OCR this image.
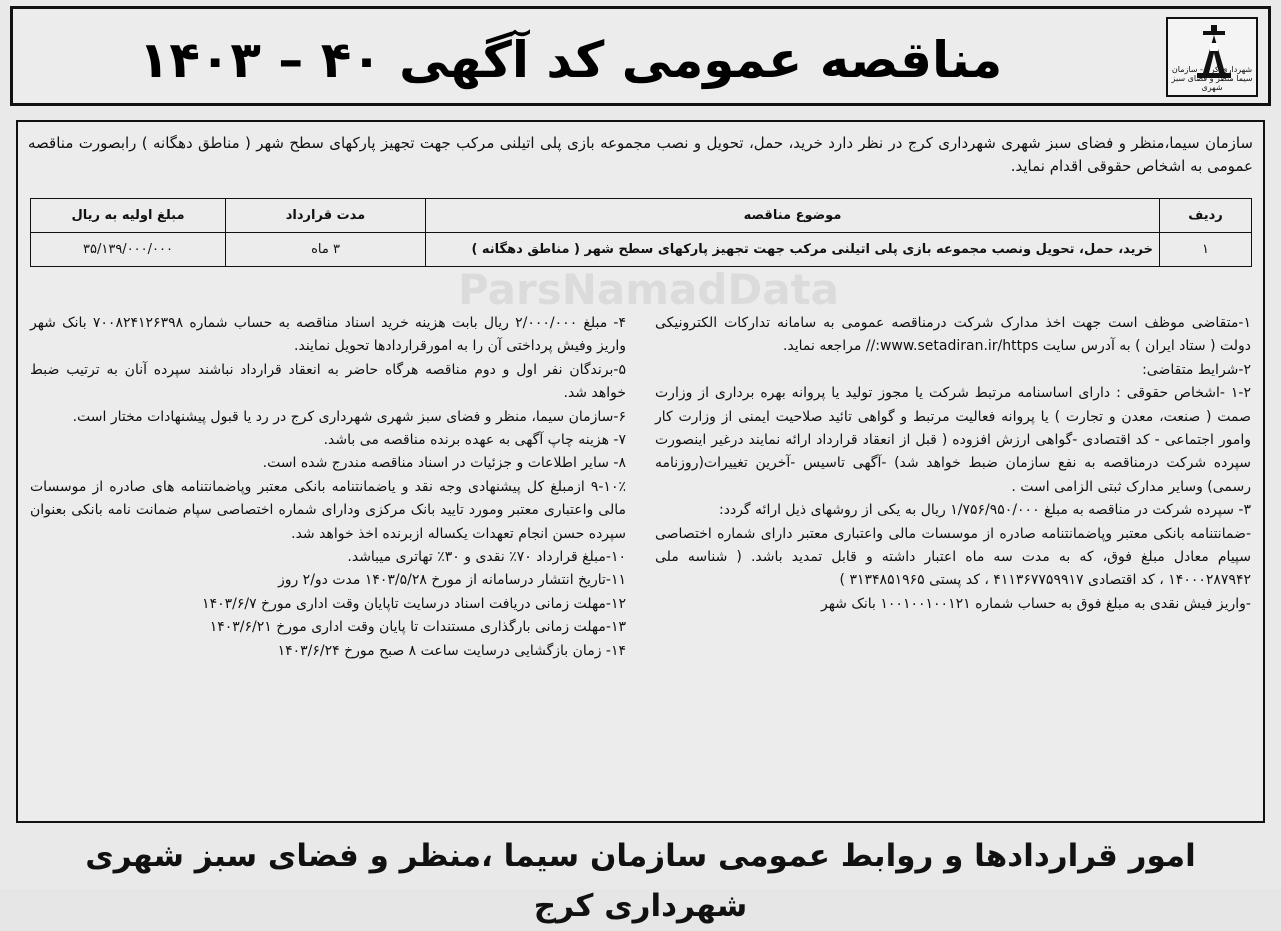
مناقصه عمومی کد آگهی ۴۰ – ۱۴۰۳	شهرداری کرج - سازمان سیما منظر و فضای سبز شهری
ParsNamadData
سازمان سیما،منظر و فضای سبز شهری شهرداری کرج در نظر دارد خرید، حمل، تحویل و نصب مجموعه بازی پلی اتیلنی مرکب جهت تجهیز پارکهای سطح شهر ( مناطق دهگانه ) رابصورت مناقصه عمومی به اشخاص حقوقی اقدام نماید.
ردیف	موضوع مناقصه	مدت قرارداد	مبلغ اولیه به ریال
۱	خرید، حمل، تحویل ونصب مجموعه بازی پلی اتیلنی مرکب جهت تجهیز پارکهای سطح شهر ( مناطق دهگانه )	۳ ماه	۳۵/۱۳۹/۰۰۰/۰۰۰

۱-متقاضی موظف است جهت اخذ مدارک شرکت درمناقصه عمومی به سامانه تدارکات الکترونیکی دولت ( ستاد ایران ) به آدرس سایت www.setadiran.ir/https:// مراجعه نماید.

۲-شرایط متقاضی:

۱-۲ -اشخاص حقوقی : دارای اساسنامه مرتبط شرکت یا مجوز تولید یا پروانه بهره برداری از وزارت صمت ( صنعت، معدن و تجارت ) یا پروانه فعالیت مرتبط و گواهی تائید صلاحیت ایمنی از وزارت کار وامور اجتماعی - کد اقتصادی -گواهی ارزش افزوده ( قبل از انعقاد قرارداد ارائه نمایند درغیر اینصورت سپرده شرکت درمناقصه به نفع سازمان ضبط خواهد شد) -آگهی تاسیس -آخرین تغییرات(روزنامه رسمی) وسایر مدارک ثبتی الزامی است .

۳- سپرده شرکت در مناقصه به مبلغ ۱/۷۵۶/۹۵۰/۰۰۰ ریال به یکی از روشهای ذیل ارائه گردد:

-ضمانتنامه بانکی معتبر وپاضمانتنامه صادره از موسسات مالی واعتباری معتبر دارای شماره اختصاصی سپیام معادل مبلغ فوق، که به مدت سه ماه اعتبار داشته و قابل تمدید باشد. ( شناسه ملی ۱۴۰۰۰۲۸۷۹۴۲ ، کد اقتصادی ۴۱۱۳۶۷۷۵۹۹۱۷ ، کد پستی ۳۱۳۴۸۵۱۹۶۵ )

-واریز فیش نقدی به مبلغ فوق به حساب شماره ۱۰۰۱۰۰۱۰۰۱۲۱ بانک شهر

۴- مبلغ ۲/۰۰۰/۰۰۰ ریال بابت هزینه خرید اسناد مناقصه به حساب شماره ۷۰۰۸۲۴۱۲۶۳۹۸ بانک شهر واریز وفیش پرداختی آن را به امورقراردادها تحویل نمایند.

۵-برندگان نفر اول و دوم مناقصه هرگاه حاضر به انعقاد قرارداد نباشند سپرده آنان به ترتیب ضبط خواهد شد.

۶-سازمان سیما، منظر و فضای سبز شهری شهرداری کرج در رد یا قبول پیشنهادات مختار است.

۷- هزینه چاپ آگهی به عهده برنده مناقصه می باشد.

۸- سایر اطلاعات و جزئیات در اسناد مناقصه مندرج شده است.

۹-۱۰٪ ازمبلغ کل پیشنهادی وجه نقد و یاضمانتنامه بانکی معتبر وپاضمانتنامه های صادره از موسسات مالی واعتباری معتبر ومورد تایید بانک مرکزی ودارای شماره اختصاصی سپام ضمانت نامه بانکی بعنوان سپرده حسن انجام تعهدات یکساله ازبرنده اخذ خواهد شد.

۱۰-مبلغ قرارداد ۷۰٪ نقدی و ۳۰٪ تهاتری میباشد.

۱۱-تاریخ انتشار درسامانه از مورخ ۱۴۰۳/۵/۲۸ مدت دو/۲ روز

۱۲-مهلت زمانی دریافت اسناد درسایت تاپایان وقت اداری مورخ ۱۴۰۳/۶/۷

۱۳-مهلت زمانی بارگذاری مستندات تا پایان وقت اداری مورخ ۱۴۰۳/۶/۲۱

۱۴- زمان بازگشایی درسایت ساعت ۸ صبح مورخ ۱۴۰۳/۶/۲۴

امور قراردادها و روابط عمومی سازمان سیما ،منظر و فضای سبز شهری شهرداری کرج
